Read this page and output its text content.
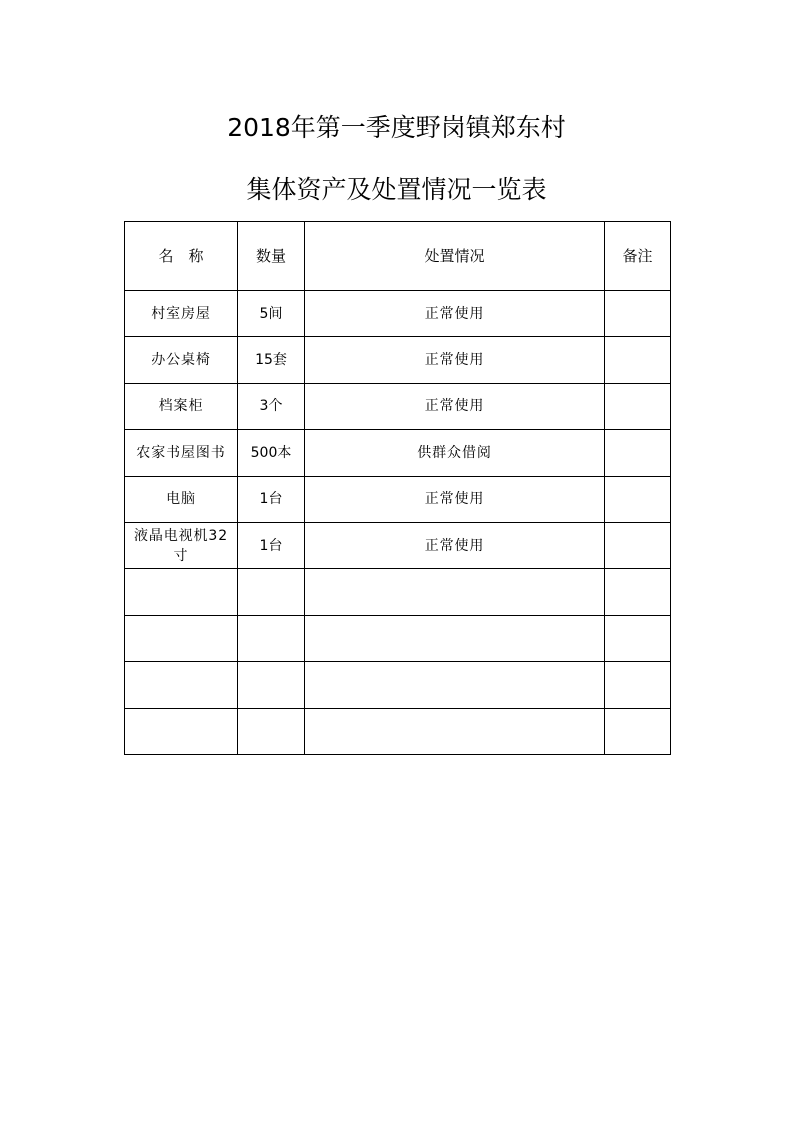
2018年第一季度野岗镇郑东村
集体资产及处置情况一览表
名　称	数量	处置情况	备注
村室房屋	5间	正常使用	
办公桌椅	15套	正常使用	
档案柜	3个	正常使用	
农家书屋图书	500本	供群众借阅	
电脑	1台	正常使用	
液晶电视机32寸	1台	正常使用	
